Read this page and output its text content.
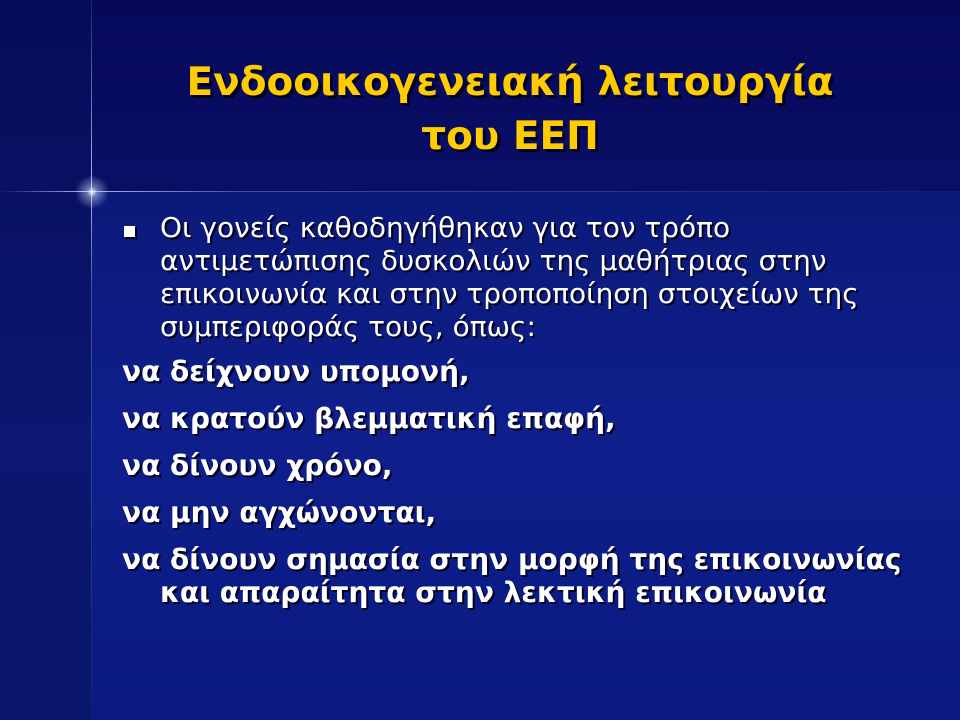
Ενδοοικογενειακή λειτουργία
του ΕΕΠ
Οι γονείς καθοδηγήθηκαν για τον τρόπο αντιμετώπισης δυσκολιών της μαθήτριας στην επικοινωνία και στην τροποποίηση στοιχείων της συμπεριφοράς τους, όπως:
να δείχνουν υπομονή,
να κρατούν βλεμματική επαφή,
να δίνουν χρόνο,
να μην αγχώνονται,
να δίνουν σημασία στην μορφή της επικοινωνίας και απαραίτητα στην λεκτική επικοινωνία
